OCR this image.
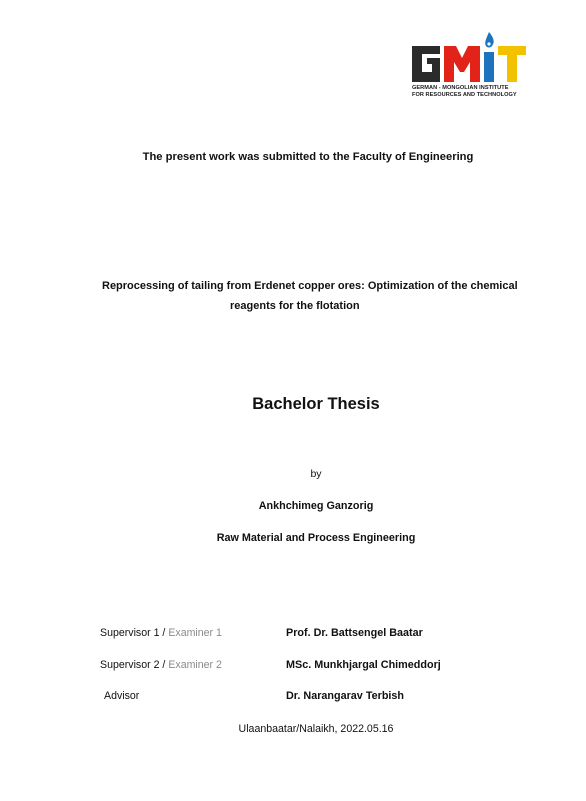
GERMAN - MONGOLIAN INSTITUTE
FOR RESOURCES AND TECHNOLOGY
The present work was submitted to the Faculty of Engineering
Reprocessing of tailing from Erdenet copper ores: Optimization of the chemical
reagents for the flotation
Bachelor Thesis
by
Ankhchimeg Ganzorig
Raw Material and Process Engineering
Supervisor 1 / Examiner 1	Prof. Dr. Battsengel Baatar
Supervisor 2 / Examiner 2	MSc. Munkhjargal Chimeddorj
Advisor	Dr. Narangarav Terbish
Ulaanbaatar/Nalaikh, 2022.05.16
